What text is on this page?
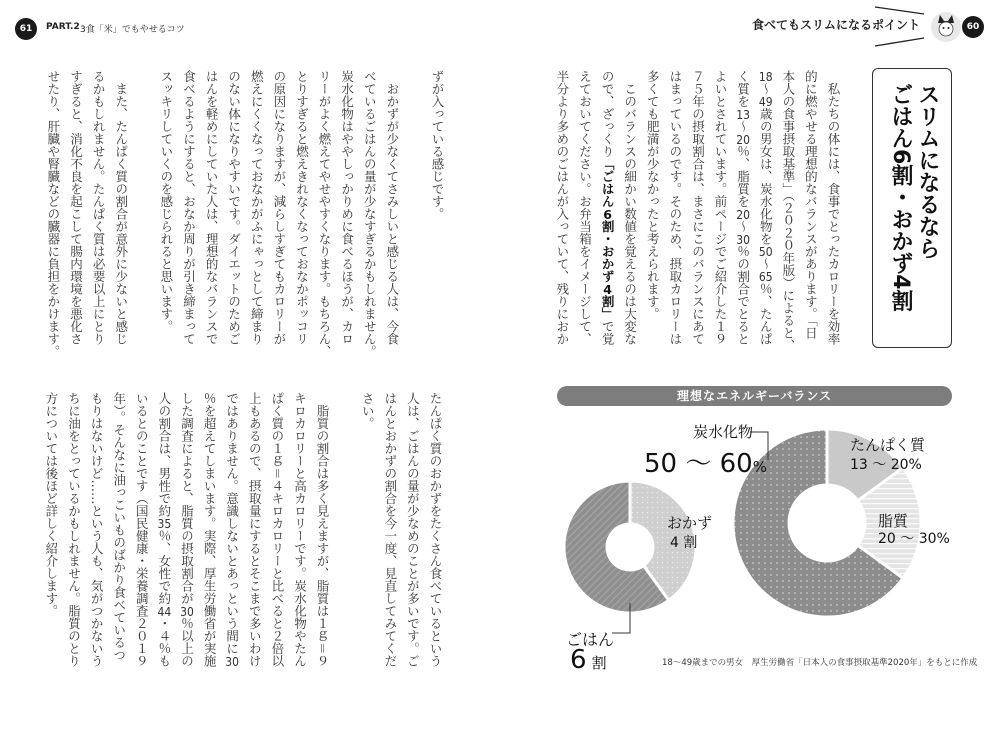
61 PART.2 3食「米」でもやせるコツ	食べてもスリムになるポイント	60
スリムになるなら
ごはん6割・おかず4割
　私たちの体には、食事でとったカロリーを効率
的に燃やせる理想的なバランスがあります。「日
本人の食事摂取基準」（２０２０年版）によると、
18～49歳の男女は、炭水化物を50～65％、たんぱ
く質を13～20％、脂質を20～30％の割合でとると
よいとされています。前ページでご紹介した１９
７５年の摂取割合は、まさにこのバランスにあて
はまっているのです。そのため、摂取カロリーは
多くても肥満が少なかったと考えられます。
　このバランスの細かい数値を覚えるのは大変な
ので、ざっくり「ごはん6割・おかず4割」で覚
えておいてください。お弁当箱をイメージして、
半分より多めのごはんが入っていて、残りにおか
ずが入っている感じです。
　おかずが少なくてさみしいと感じる人は、今食
べているごはんの量が少なすぎるかもしれません。
炭水化物はややしっかりめに食べるほうが、カロ
リーがよく燃えてやせやすくなります。もちろん、
とりすぎると燃えきれなくなっておなかポッコリ
の原因になりますが、減らしすぎてもカロリーが
燃えにくくなっておなかがふにゃっとして締まり
のない体になりやすいです。ダイエットのためご
はんを軽めにしていた人は、理想的なバランスで
食べるようにすると、おなか周りが引き締まって
スッキリしていくのを感じられると思います。
　また、たんぱく質の割合が意外に少ないと感じ
るかもしれません。たんぱく質は必要以上にとり
すぎると、消化不良を起こして腸内環境を悪化さ
せたり、肝臓や腎臓などの臓器に負担をかけます。
たんぱく質のおかずをたくさん食べているという
人は、ごはんの量が少なめのことが多いです。ご
はんとおかずの割合を今一度、見直してみてくだ
さい。
　脂質の割合は多く見えますが、脂質は１ｇ＝９
キロカロリーと高カロリーです。炭水化物やたん
ぱく質の１ｇ＝４キロカロリーと比べると２倍以
上もあるので、摂取量にするとそこまで多いわけ
ではありません。意識しないとあっという間に30
％を超えてしまいます。実際、厚生労働省が実施
した調査によると、脂質の摂取割合が30％以上の
人の割合は、男性で約35％、女性で約44・４％も
いるとのことです（国民健康・栄養調査２０１９
年）。そんなに油っこいものばかり食べているつ
もりはないけど……という人も、気がつかないう
ちに油をとっているかもしれません。脂質のとり
方については後ほど詳しく紹介します。	理想なエネルギーバランス
炭水化物
50 ～ 60%
たんぱく質
13 ～ 20%
脂質
20 ～ 30%
おかず
4 割
ごはん
6 割	18～49歳までの男女　厚生労働省「日本人の食事摂取基準2020年」をもとに作成
